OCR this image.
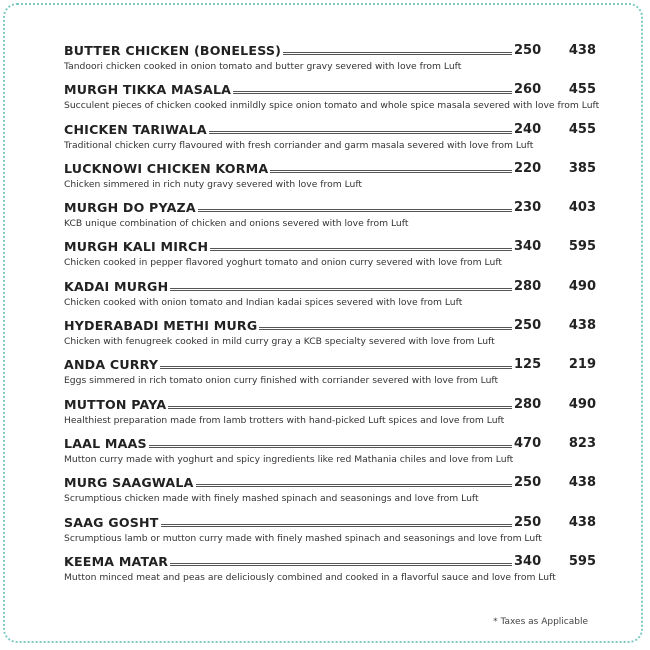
BUTTER CHICKEN (BONELESS)	250	438
Tandoori chicken cooked in onion tomato and butter gravy severed with love from Luft
MURGH TIKKA MASALA	260	455
Succulent pieces of chicken cooked inmildly spice onion tomato and whole spice masala severed with love from Luft
CHICKEN TARIWALA	240	455
Traditional chicken curry flavoured with fresh corriander and garm masala severed with love from Luft
LUCKNOWI CHICKEN KORMA	220	385
Chicken simmered in rich nuty gravy severed with love from Luft
MURGH DO PYAZA	230	403
KCB unique combination of chicken and onions severed with love from Luft
MURGH KALI MIRCH	340	595
Chicken cooked in pepper flavored yoghurt tomato and onion curry severed with love from Luft
KADAI MURGH	280	490
Chicken cooked with onion tomato and Indian kadai spices severed with love from Luft
HYDERABADI METHI MURG	250	438
Chicken with fenugreek cooked in mild curry gray a KCB specialty severed with love from Luft
ANDA CURRY	125	219
Eggs simmered in rich tomato onion curry finished with corriander severed with love from Luft
MUTTON PAYA	280	490
Healthiest preparation made from lamb trotters with hand-picked Luft spices and love from Luft
LAAL MAAS	470	823
Mutton curry made with yoghurt and spicy ingredients like red Mathania chiles and love from Luft
MURG SAAGWALA	250	438
Scrumptious chicken made with finely mashed spinach and seasonings and love from Luft
SAAG GOSHT	250	438
Scrumptious lamb or mutton curry made with finely mashed spinach and seasonings and love from Luft
KEEMA MATAR	340	595
Mutton minced meat and peas are deliciously combined and cooked in a flavorful sauce and love from Luft
* Taxes as Applicable
